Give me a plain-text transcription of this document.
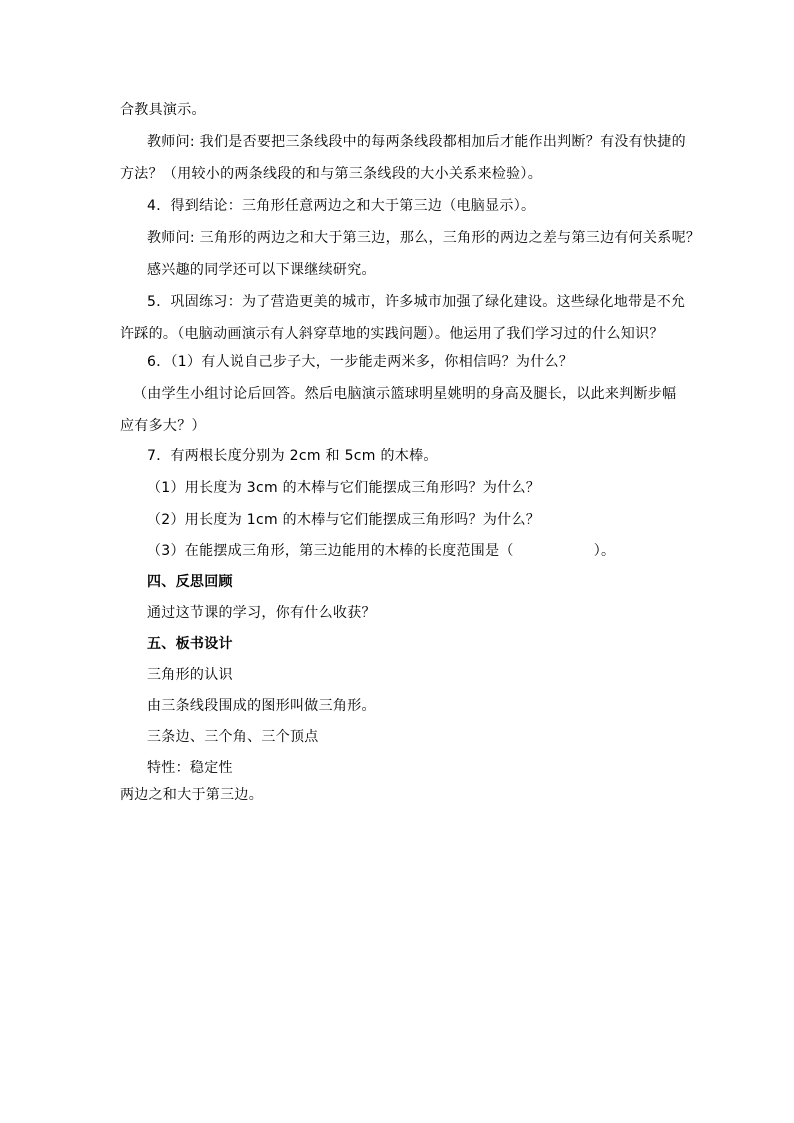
合教具演示。
教师问: 我们是否要把三条线段中的每两条线段都相加后才能作出判断？有没有快捷的
方法？（用较小的两条线段的和与第三条线段的大小关系来检验）。
4．得到结论：三角形任意两边之和大于第三边（电脑显示）。
教师问: 三角形的两边之和大于第三边，那么，三角形的两边之差与第三边有何关系呢？
感兴趣的同学还可以下课继续研究。
5．巩固练习：为了营造更美的城市，许多城市加强了绿化建设。这些绿化地带是不允
许踩的。（电脑动画演示有人斜穿草地的实践问题）。他运用了我们学习过的什么知识？
6．（1）有人说自己步子大，一步能走两米多，你相信吗？为什么？
（由学生小组讨论后回答。然后电脑演示篮球明星姚明的身高及腿长，以此来判断步幅
应有多大？）
7．有两根长度分别为 2cm 和 5cm 的木棒。
（1）用长度为 3cm 的木棒与它们能摆成三角形吗？为什么？
（2）用长度为 1cm 的木棒与它们能摆成三角形吗？为什么？
（3）在能摆成三角形，第三边能用的木棒的长度范围是（	）。
四、反思回顾
通过这节课的学习，你有什么收获？
五、板书设计
三角形的认识
由三条线段围成的图形叫做三角形。
三条边、三个角、三个顶点
特性：稳定性
两边之和大于第三边。
